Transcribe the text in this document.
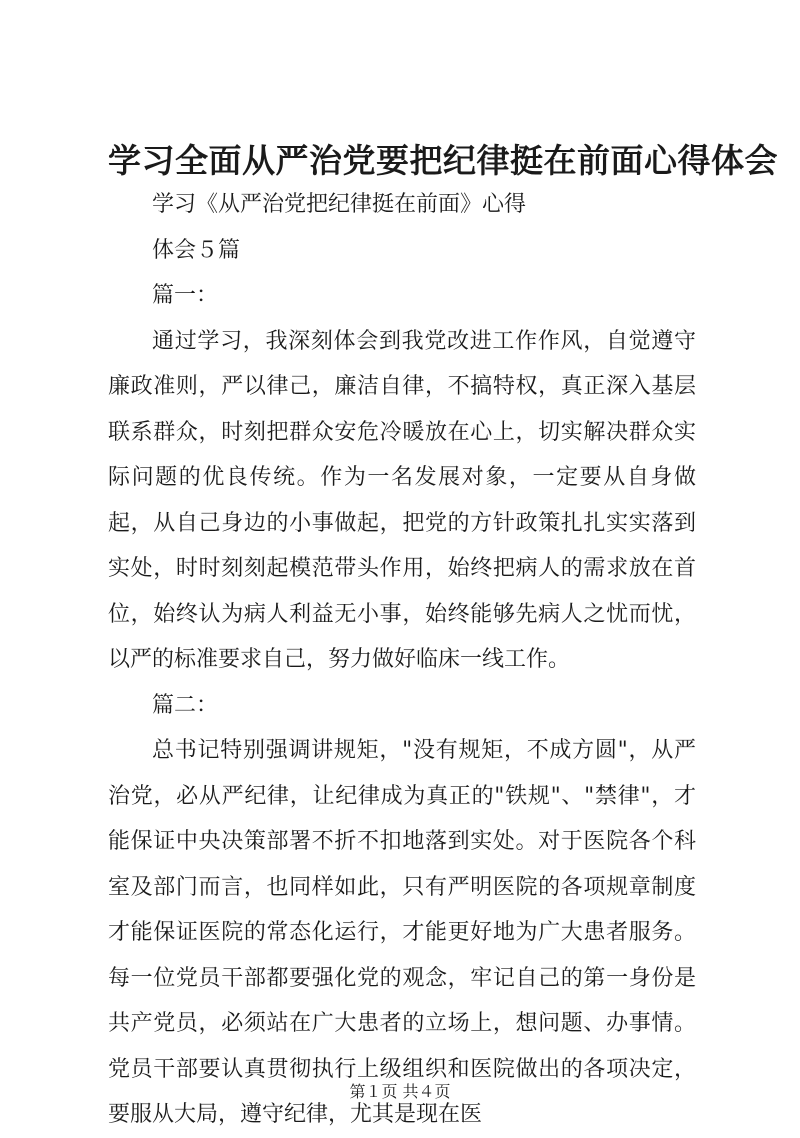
学习全面从严治党要把纪律挺在前面心得体会

学习《从严治党把纪律挺在前面》心得

体会５篇

篇一：

通过学习，我深刻体会到我党改进工作作风，自觉遵守廉政准则，严以律己，廉洁自律，不搞特权，真正深入基层联系群众，时刻把群众安危冷暖放在心上，切实解决群众实际问题的优良传统。作为一名发展对象，一定要从自身做起，从自己身边的小事做起，把党的方针政策扎扎实实落到实处，时时刻刻起模范带头作用，始终把病人的需求放在首位，始终认为病人利益无小事，始终能够先病人之忧而忧，以严的标准要求自己，努力做好临床一线工作。

篇二：

总书记特别强调讲规矩，"没有规矩，不成方圆"，从严治党，必从严纪律，让纪律成为真正的"铁规"、"禁律"，才能保证中央决策部署不折不扣地落到实处。对于医院各个科室及部门而言，也同样如此，只有严明医院的各项规章制度才能保证医院的常态化运行，才能更好地为广大患者服务。每一位党员干部都要强化党的观念，牢记自己的第一身份是共产党员，必须站在广大患者的立场上，想问题、办事情。党员干部要认真贯彻执行上级组织和医院做出的各项决定，要服从大局，遵守纪律，尤其是现在医

第１页 共４页
